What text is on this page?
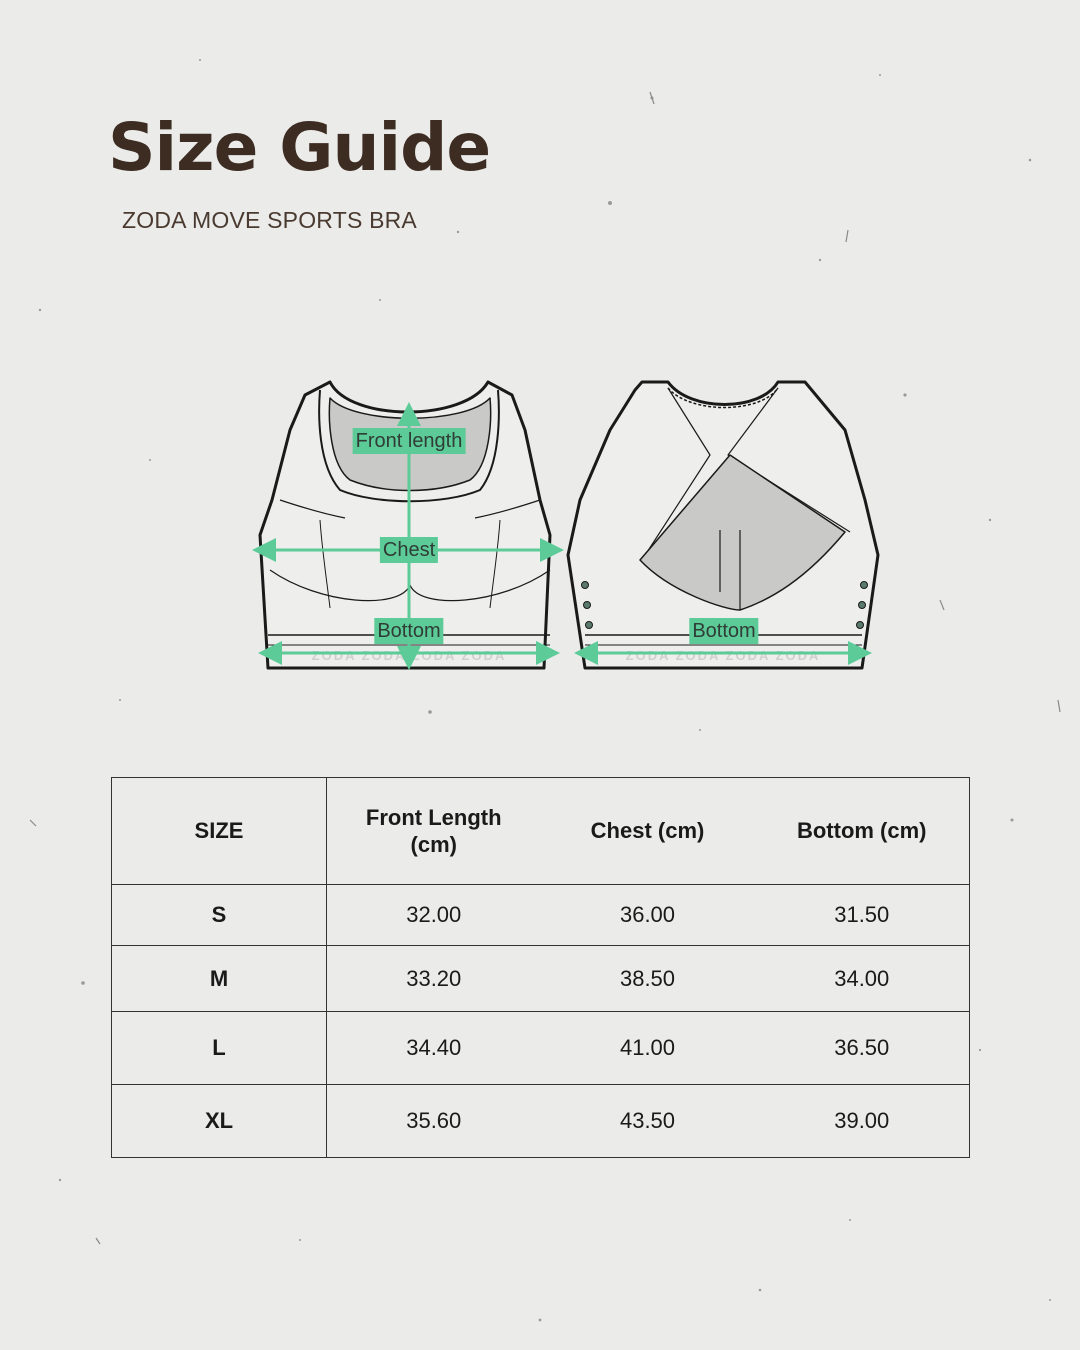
Size Guide
ZODA MOVE SPORTS BRA
ZODA ZODA ZODA ZODA	ZODA ZODA ZODA ZODA
Front length
Chest
Bottom	Bottom
SIZE	Front Length (cm)	Chest (cm)	Bottom (cm)
S	32.00	36.00	31.50
M	33.20	38.50	34.00
L	34.40	41.00	36.50
XL	35.60	43.50	39.00
